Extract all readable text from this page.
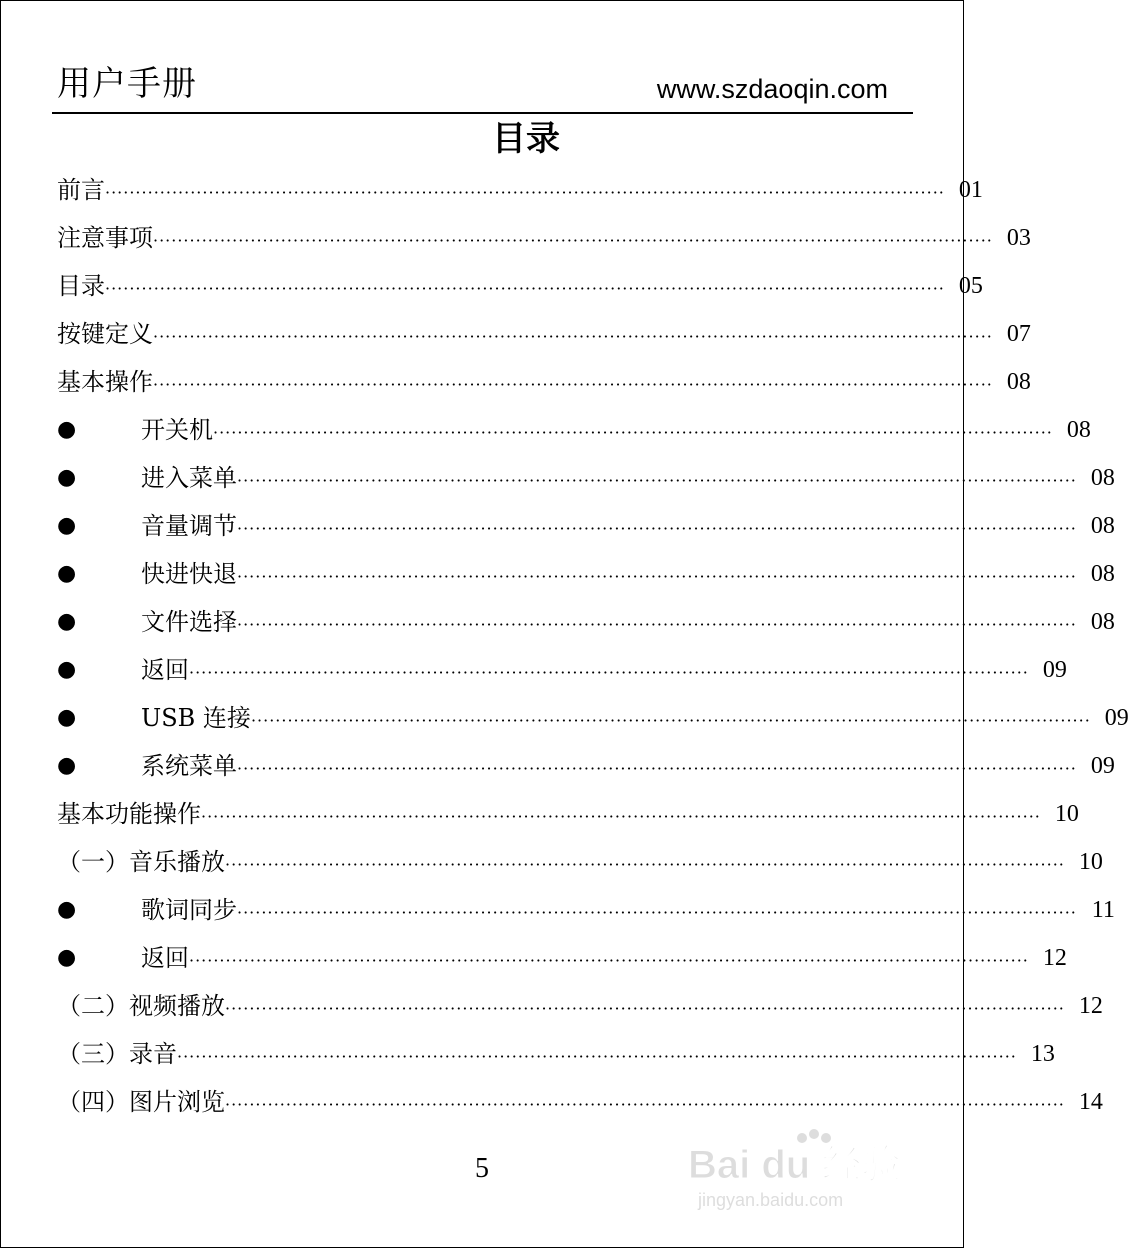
用户手册	www.szdaoqin.com
目录
前言 ·········································································································································· 01
注意事项 ·········································································································································· 03
目录 ·········································································································································· 05
按键定义 ·········································································································································· 07
基本操作 ·········································································································································· 08
●	开关机 ·········································································································································· 08
●	进入菜单 ·········································································································································· 08
●	音量调节 ·········································································································································· 08
●	快进快退 ·········································································································································· 08
●	文件选择 ·········································································································································· 08
●	返回 ·········································································································································· 09
●	USB 连接 ·········································································································································· 09
●	系统菜单 ·········································································································································· 09
基本功能操作 ·········································································································································· 10
（一）音乐播放 ·········································································································································· 10
●	歌词同步 ·········································································································································· 11
●	返回 ·········································································································································· 12
（二）视频播放 ·········································································································································· 12
（三）录音 ·········································································································································· 13
（四）图片浏览 ·········································································································································· 14
5	Bai du 经验
jingyan.baidu.com
